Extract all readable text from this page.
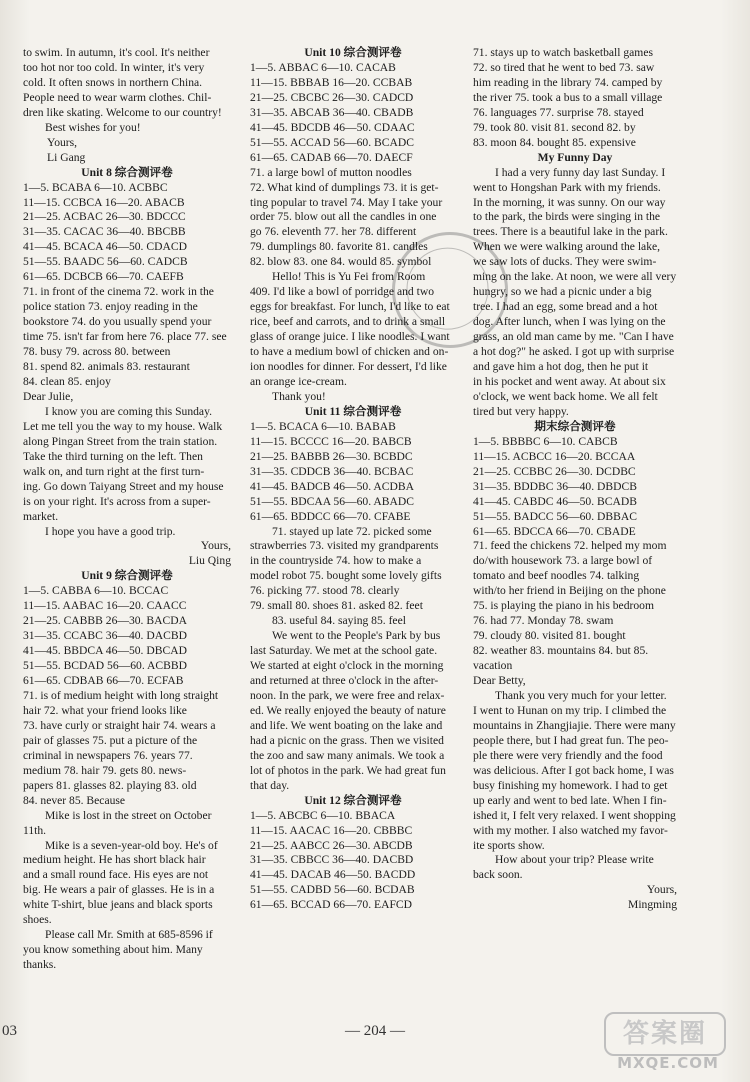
to swim. In autumn, it's cool. It's neither
too hot nor too cold. In winter, it's very
cold. It often snows in northern China.
People need to wear warm clothes. Chil-
dren like skating. Welcome to our country!
Best wishes for you!
Yours,
Li Gang
Unit 8 综合测评卷
1—5. BCABA 6—10. ACBBC
11—15. CCBCA 16—20. ABACB
21—25. ACBAC 26—30. BDCCC
31—35. CACAC 36—40. BBCBB
41—45. BCACA 46—50. CDACD
51—55. BAADC 56—60. CADCB
61—65. DCBCB 66—70. CAEFB
71. in front of the cinema 72. work in the
police station 73. enjoy reading in the
bookstore 74. do you usually spend your
time 75. isn't far from here 76. place 77. see
78. busy 79. across 80. between
81. spend 82. animals 83. restaurant
84. clean 85. enjoy
Dear Julie,
I know you are coming this Sunday.
Let me tell you the way to my house. Walk
along Pingan Street from the train station.
Take the third turning on the left. Then
walk on, and turn right at the first turn-
ing. Go down Taiyang Street and my house
is on your right. It's across from a super-
market.
I hope you have a good trip.
Yours,
Liu Qing
Unit 9 综合测评卷
1—5. CABBA 6—10. BCCAC
11—15. AABAC 16—20. CAACC
21—25. CABBB 26—30. BACDA
31—35. CCABC 36—40. DACBD
41—45. BBDCA 46—50. DBCAD
51—55. BCDAD 56—60. ACBBD
61—65. CDBAB 66—70. ECFAB
71. is of medium height with long straight
hair 72. what your friend looks like
73. have curly or straight hair 74. wears a
pair of glasses 75. put a picture of the
criminal in newspapers 76. years 77.
medium 78. hair 79. gets 80. news-
papers 81. glasses 82. playing 83. old
84. never 85. Because
Mike is lost in the street on October
11th.
Mike is a seven-year-old boy. He's of
medium height. He has short black hair
and a small round face. His eyes are not
big. He wears a pair of glasses. He is in a
white T-shirt, blue jeans and black sports
shoes.
Please call Mr. Smith at 685-8596 if
you know something about him. Many
thanks.
Unit 10 综合测评卷
1—5. ABBAC 6—10. CACAB
11—15. BBBAB 16—20. CCBAB
21—25. CBCBC 26—30. CADCD
31—35. ABCAB 36—40. CBADB
41—45. BDCDB 46—50. CDAAC
51—55. ACCAD 56—60. BCADC
61—65. CADAB 66—70. DAECF
71. a large bowl of mutton noodles
72. What kind of dumplings 73. it is get-
ting popular to travel 74. May I take your
order 75. blow out all the candles in one
go 76. eleventh 77. her 78. different
79. dumplings 80. favorite 81. candles
82. blow 83. one 84. would 85. symbol
Hello! This is Yu Fei from Room
409. I'd like a bowl of porridge and two
eggs for breakfast. For lunch, I'd like to eat
rice, beef and carrots, and to drink a small
glass of orange juice. I like noodles. I want
to have a medium bowl of chicken and on-
ion noodles for dinner. For dessert, I'd like
an orange ice-cream.
Thank you!
Unit 11 综合测评卷
1—5. BCACA 6—10. BABAB
11—15. BCCCC 16—20. BABCB
21—25. BABBB 26—30. BCBDC
31—35. CDDCB 36—40. BCBAC
41—45. BADCB 46—50. ACDBA
51—55. BDCAA 56—60. ABADC
61—65. BDDCC 66—70. CFABE
71. stayed up late 72. picked some
strawberries 73. visited my grandparents
in the countryside 74. how to make a
model robot 75. bought some lovely gifts
76. picking 77. stood 78. clearly
79. small 80. shoes 81. asked 82. feet
83. useful 84. saying 85. feel
We went to the People's Park by bus
last Saturday. We met at the school gate.
We started at eight o'clock in the morning
and returned at three o'clock in the after-
noon. In the park, we were free and relax-
ed. We really enjoyed the beauty of nature
and life. We went boating on the lake and
had a picnic on the grass. Then we visited
the zoo and saw many animals. We took a
lot of photos in the park. We had great fun
that day.
Unit 12 综合测评卷
1—5. ABCBC 6—10. BBACA
11—15. AACAC 16—20. CBBBC
21—25. AABCC 26—30. ABCDB
31—35. CBBCC 36—40. DACBD
41—45. DACAB 46—50. BACDD
51—55. CADBD 56—60. BCDAB
61—65. BCCAD 66—70. EAFCD
71. stays up to watch basketball games
72. so tired that he went to bed 73. saw
him reading in the library 74. camped by
the river 75. took a bus to a small village
76. languages 77. surprise 78. stayed
79. took 80. visit 81. second 82. by
83. moon 84. bought 85. expensive
My Funny Day
I had a very funny day last Sunday. I
went to Hongshan Park with my friends.
In the morning, it was sunny. On our way
to the park, the birds were singing in the
trees. There is a beautiful lake in the park.
When we were walking around the lake,
we saw lots of ducks. They were swim-
ming on the lake. At noon, we were all very
hungry, so we had a picnic under a big
tree. I had an egg, some bread and a hot
dog. After lunch, when I was lying on the
grass, an old man came by me. "Can I have
a hot dog?" he asked. I got up with surprise
and gave him a hot dog, then he put it
in his pocket and went away. At about six
o'clock, we went back home. We all felt
tired but very happy.
期末综合测评卷
1—5. BBBBC 6—10. CABCB
11—15. ACBCC 16—20. BCCAA
21—25. CCBBC 26—30. DCDBC
31—35. BDDBC 36—40. DBDCB
41—45. CABDC 46—50. BCADB
51—55. BADCC 56—60. DBBAC
61—65. BDCCA 66—70. CBADE
71. feed the chickens 72. helped my mom
do/with housework 73. a large bowl of
tomato and beef noodles 74. talking
with/to her friend in Beijing on the phone
75. is playing the piano in his bedroom
76. had 77. Monday 78. swam
79. cloudy 80. visited 81. bought
82. weather 83. mountains 84. but 85.
vacation
Dear Betty,
Thank you very much for your letter.
I went to Hunan on my trip. I climbed the
mountains in Zhangjiajie. There were many
people there, but I had great fun. The peo-
ple there were very friendly and the food
was delicious. After I got back home, I was
busy finishing my homework. I had to get
up early and went to bed late. When I fin-
ished it, I felt very relaxed. I went shopping
with my mother. I also watched my favor-
ite sports show.
How about your trip? Please write
back soon.
Yours,
Mingming
03	— 204 —	答案圈
MXQE.COM
